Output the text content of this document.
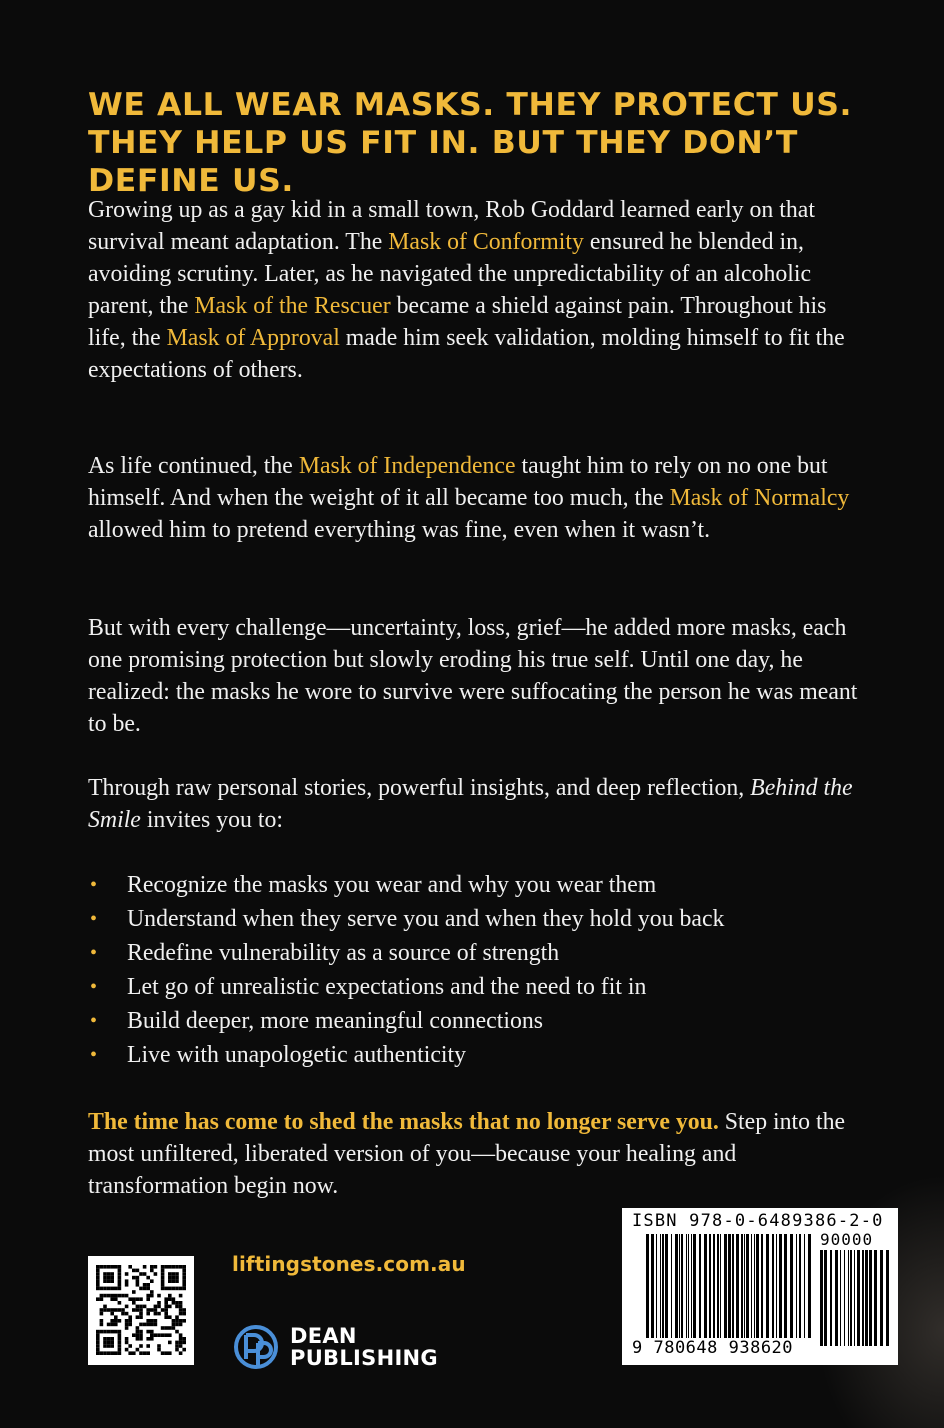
WE ALL WEAR MASKS. THEY PROTECT US.
THEY HELP US FIT IN. BUT THEY DON’T DEFINE US.

Growing up as a gay kid in a small town, Rob Goddard learned early on that survival meant adaptation. The Mask of Conformity ensured he blended in, avoiding scrutiny. Later, as he navigated the unpredictability of an alcoholic parent, the Mask of the Rescuer became a shield against pain. Throughout his life, the Mask of Approval made him seek validation, molding himself to fit the expectations of others.

As life continued, the Mask of Independence taught him to rely on no one but himself. And when the weight of it all became too much, the Mask of Normalcy allowed him to pretend everything was fine, even when it wasn’t.

But with every challenge—uncertainty, loss, grief—he added more masks, each one promising protection but slowly eroding his true self. Until one day, he realized: the masks he wore to survive were suffocating the person he was meant to be.

Through raw personal stories, powerful insights, and deep reflection, Behind the Smile invites you to:

• Recognize the masks you wear and why you wear them
• Understand when they serve you and when they hold you back
• Redefine vulnerability as a source of strength
• Let go of unrealistic expectations and the need to fit in
• Build deeper, more meaningful connections
• Live with unapologetic authenticity

The time has come to shed the masks that no longer serve you. Step into the most unfiltered, liberated version of you—because your healing and transformation begin now.

liftingstones.com.au
DEAN
PUBLISHING
ISBN 978-0-6489386-2-0
90000
9 780648 938620
